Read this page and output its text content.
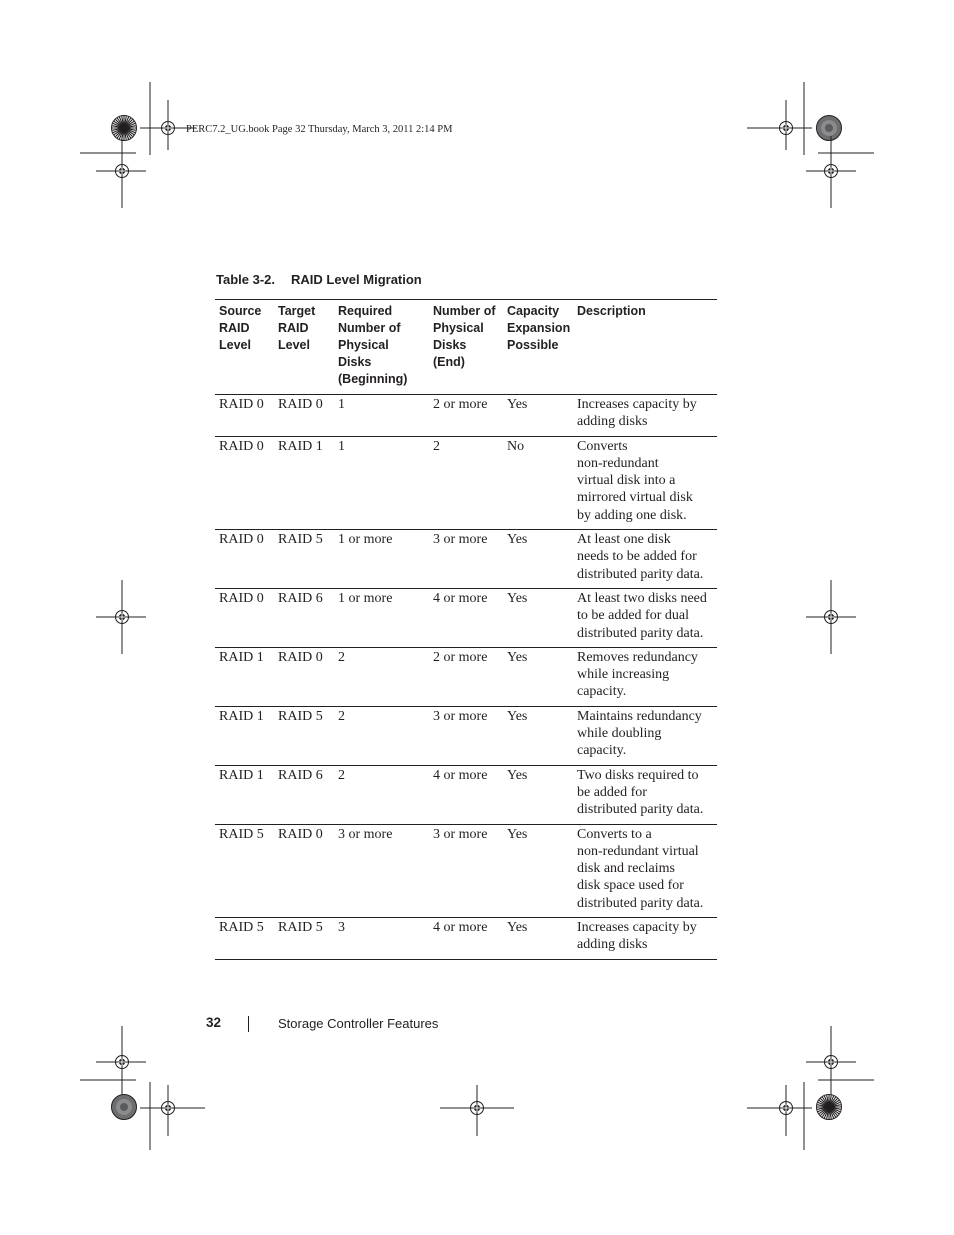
PERC7.2_UG.book Page 32 Thursday, March 3, 2011 2:14 PM
Table 3-2. RAID Level Migration
Source
RAID
Level	Target
RAID
Level	Required
Number of
Physical Disks
(Beginning)	Number of
Physical
Disks (End)	Capacity
Expansion
Possible	Description

RAID 0	RAID 0	1	2 or more	Yes	Increases capacity by
adding disks

RAID 0	RAID 1	1	2	No	Converts
non-redundant
virtual disk into a
mirrored virtual disk
by adding one disk.

RAID 0	RAID 5	1 or more	3 or more	Yes	At least one disk
needs to be added for
distributed parity data.

RAID 0	RAID 6	1 or more	4 or more	Yes	At least two disks need
to be added for dual
distributed parity data.

RAID 1	RAID 0	2	2 or more	Yes	Removes redundancy
while increasing
capacity.

RAID 1	RAID 5	2	3 or more	Yes	Maintains redundancy
while doubling
capacity.

RAID 1	RAID 6	2	4 or more	Yes	Two disks required to
be added for
distributed parity data.

RAID 5	RAID 0	3 or more	3 or more	Yes	Converts to a
non-redundant virtual
disk and reclaims
disk space used for
distributed parity data.

RAID 5	RAID 5	3	4 or more	Yes	Increases capacity by
adding disks
32	Storage Controller Features
